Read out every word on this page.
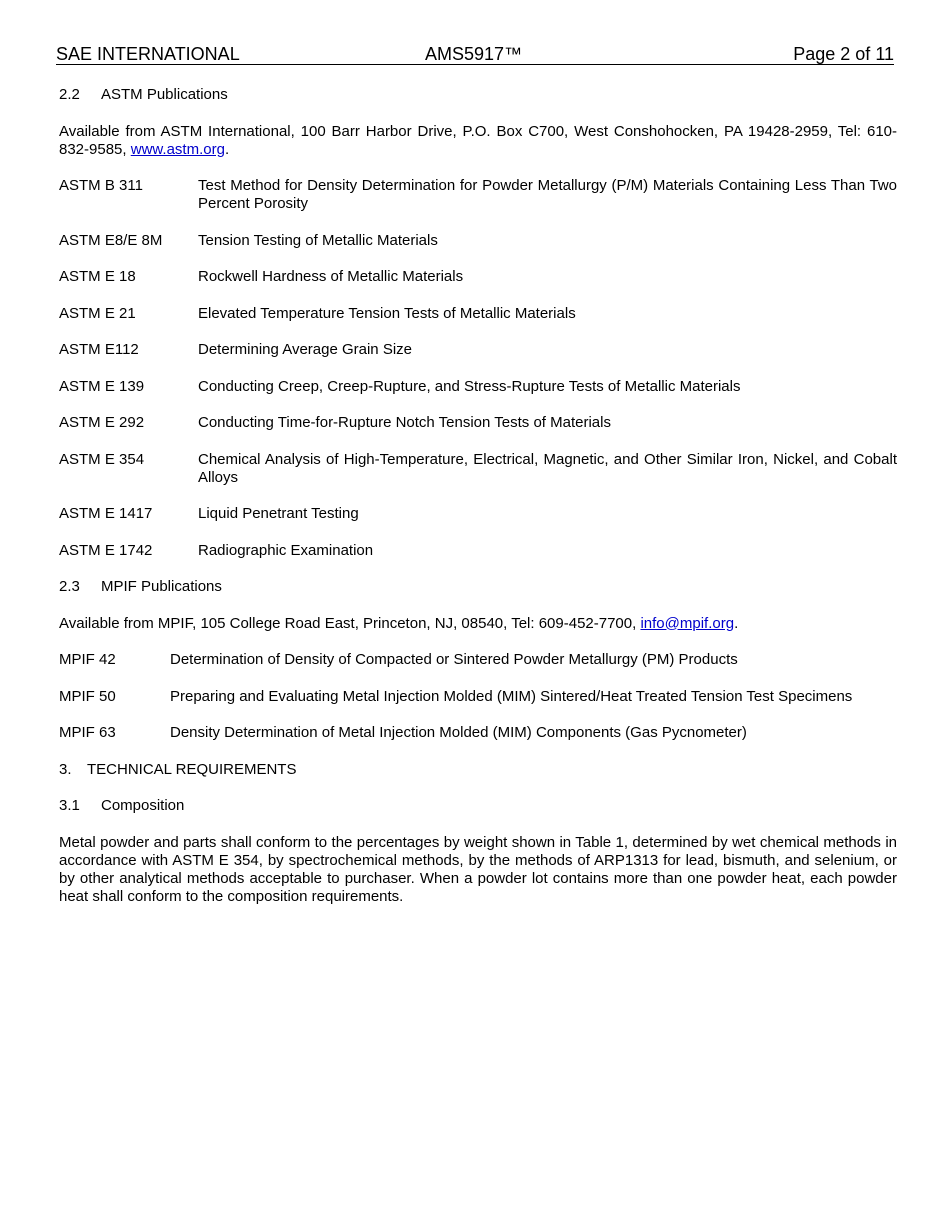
SAE INTERNATIONAL	AMS5917™	Page 2 of 11
2.2 ASTM Publications
Available from ASTM International, 100 Barr Harbor Drive, P.O. Box C700, West Conshohocken, PA 19428-2959, Tel: 610-832-9585, www.astm.org.
ASTM B 311	Test Method for Density Determination for Powder Metallurgy (P/M) Materials Containing Less Than Two Percent Porosity
ASTM E8/E 8M	Tension Testing of Metallic Materials
ASTM E 18	Rockwell Hardness of Metallic Materials
ASTM E 21	Elevated Temperature Tension Tests of Metallic Materials
ASTM E112	Determining Average Grain Size
ASTM E 139	Conducting Creep, Creep-Rupture, and Stress-Rupture Tests of Metallic Materials
ASTM E 292	Conducting Time-for-Rupture Notch Tension Tests of Materials
ASTM E 354	Chemical Analysis of High-Temperature, Electrical, Magnetic, and Other Similar Iron, Nickel, and Cobalt Alloys
ASTM E 1417	Liquid Penetrant Testing
ASTM E 1742	Radiographic Examination
2.3 MPIF Publications
Available from MPIF, 105 College Road East, Princeton, NJ, 08540, Tel: 609-452-7700, info@mpif.org.
MPIF 42	Determination of Density of Compacted or Sintered Powder Metallurgy (PM) Products
MPIF 50	Preparing and Evaluating Metal Injection Molded (MIM) Sintered/Heat Treated Tension Test Specimens
MPIF 63	Density Determination of Metal Injection Molded (MIM) Components (Gas Pycnometer)
3. TECHNICAL REQUIREMENTS
3.1 Composition
Metal powder and parts shall conform to the percentages by weight shown in Table 1, determined by wet chemical methods in accordance with ASTM E 354, by spectrochemical methods, by the methods of ARP1313 for lead, bismuth, and selenium, or by other analytical methods acceptable to purchaser. When a powder lot contains more than one powder heat, each powder heat shall conform to the composition requirements.
